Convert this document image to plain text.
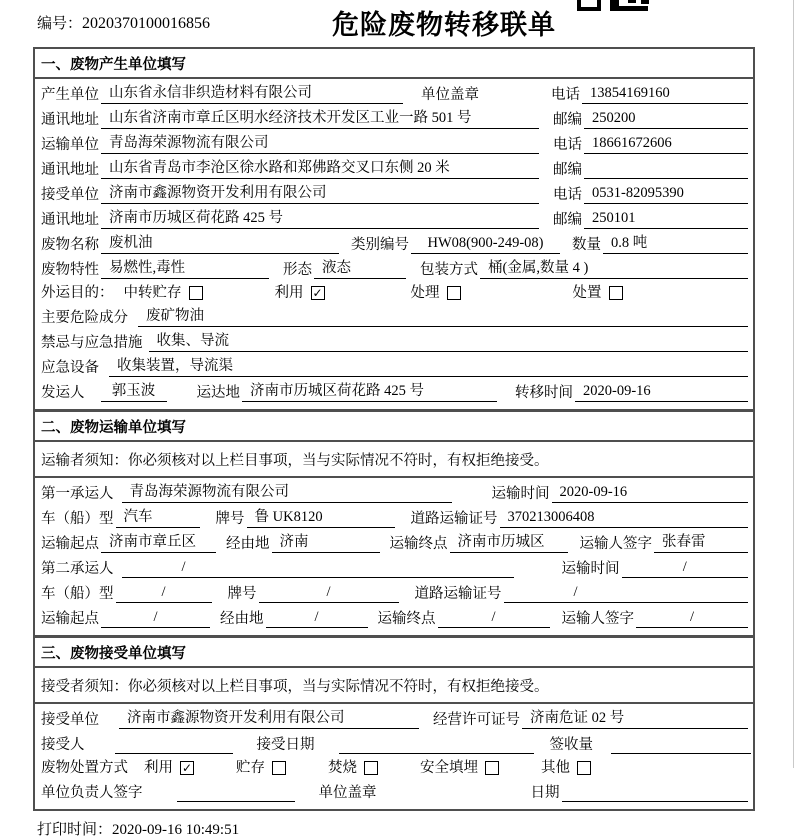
编号：2020370100016856	危险废物转移联单
一、废物产生单位填写
产生单位 山东省永信非织造材料有限公司	单位盖章	电话 13854169160
通讯地址 山东省济南市章丘区明水经济技术开发区工业一路 501 号	邮编 250200
运输单位 青岛海荣源物流有限公司	电话 18661672606
通讯地址 山东省青岛市李沧区徐水路和郑佛路交叉口东侧 20 米	邮编
接受单位 济南市鑫源物资开发利用有限公司	电话 0531-82095390
通讯地址 济南市历城区荷花路 425 号	邮编 250101
废物名称 废机油	类别编号	HW08(900-249-08)	数量 0.8 吨
废物特性 易燃性,毒性	形态 液态	包装方式 桶(金属,数量 4 )
外运目的： 中转贮存	利用 ✓	处理	处置
主要危险成分	废矿物油
禁忌与应急措施 收集、导流
应急设备	收集装置，导流渠
发运人	郭玉波	运达地 济南市历城区荷花路 425 号	转移时间 2020-09-16
二、废物运输单位填写
运输者须知：你必须核对以上栏目事项，当与实际情况不符时，有权拒绝接受。
第一承运人	青岛海荣源物流有限公司	运输时间 2020-09-16
车（船）型 汽车	牌号 鲁 UK8120	道路运输证号 370213006408
运输起点 济南市章丘区	经由地 济南	运输终点 济南市历城区	运输人签字 张春雷
第二承运人	/	运输时间	/
车（船）型	/	牌号	/	道路运输证号	/
运输起点	/	经由地	/	运输终点	/	运输人签字	/
三、废物接受单位填写
接受者须知：你必须核对以上栏目事项，当与实际情况不符时，有权拒绝接受。
接受单位	济南市鑫源物资开发利用有限公司	经营许可证号 济南危证 02 号
接受人	接受日期	签收量
废物处置方式 利用 ✓	贮存	焚烧	安全填埋	其他
单位负责人签字	单位盖章	日期
打印时间：2020-09-16 10:49:51
